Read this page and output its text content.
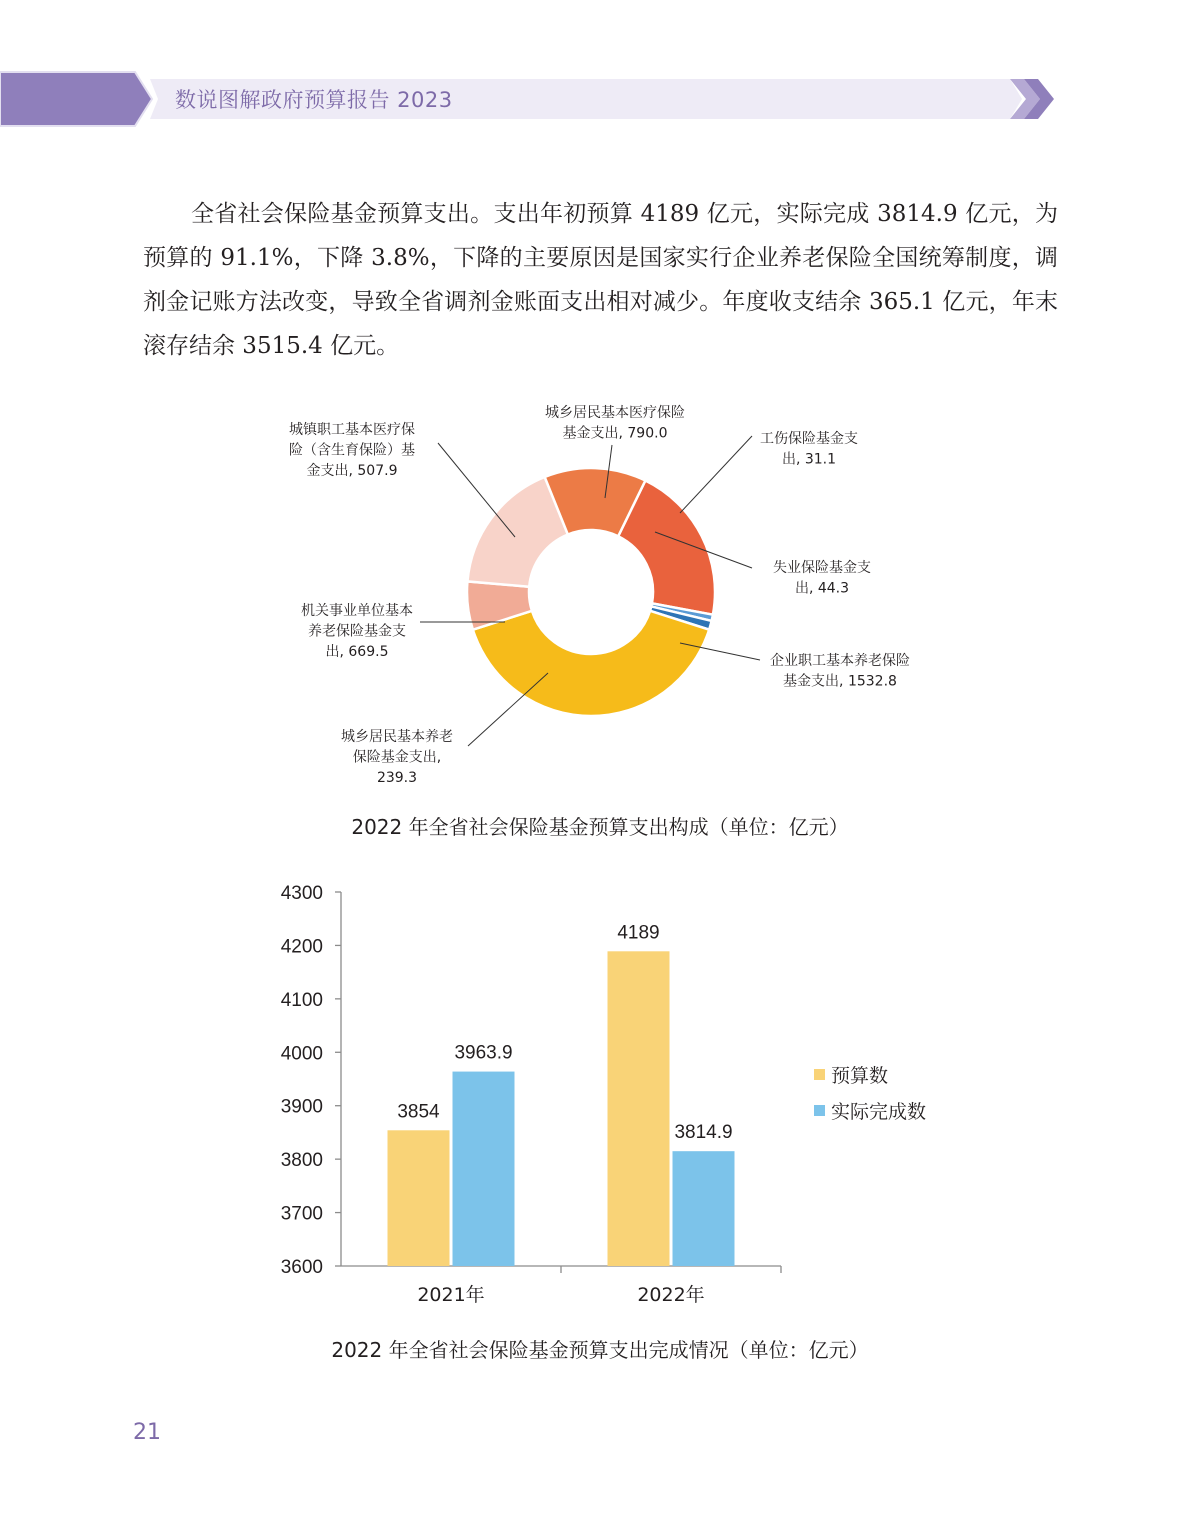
数说图解政府预算报告 2023
全省社会保险基金预算支出。支出年初预算 4189 亿元，实际完成 3814.9 亿元，为预算的 91.1%，下降 3.8%，下降的主要原因是国家实行企业养老保险全国统筹制度，调剂金记账方法改变，导致全省调剂金账面支出相对减少。年度收支结余 365.1 亿元，年末滚存结余 3515.4 亿元。
城乡居民基本医疗保险基金支出, 790.0	工伤保险基金支出, 31.1
失业保险基金支出, 44.3
企业职工基本养老保险基金支出, 1532.8
城乡居民基本养老保险基金支出, 239.3
机关事业单位基本养老保险基金支出, 669.5
城镇职工基本医疗保险（含生育保险）基金支出, 507.9
3600
3700
3800
3900
4000
4100
4200
4300
2021年
3854
3963.9
2022年
4189
3814.9
预算数
实际完成数
2022 年全省社会保险基金预算支出构成（单位：亿元）
2022 年全省社会保险基金预算支出完成情况（单位：亿元）
21
